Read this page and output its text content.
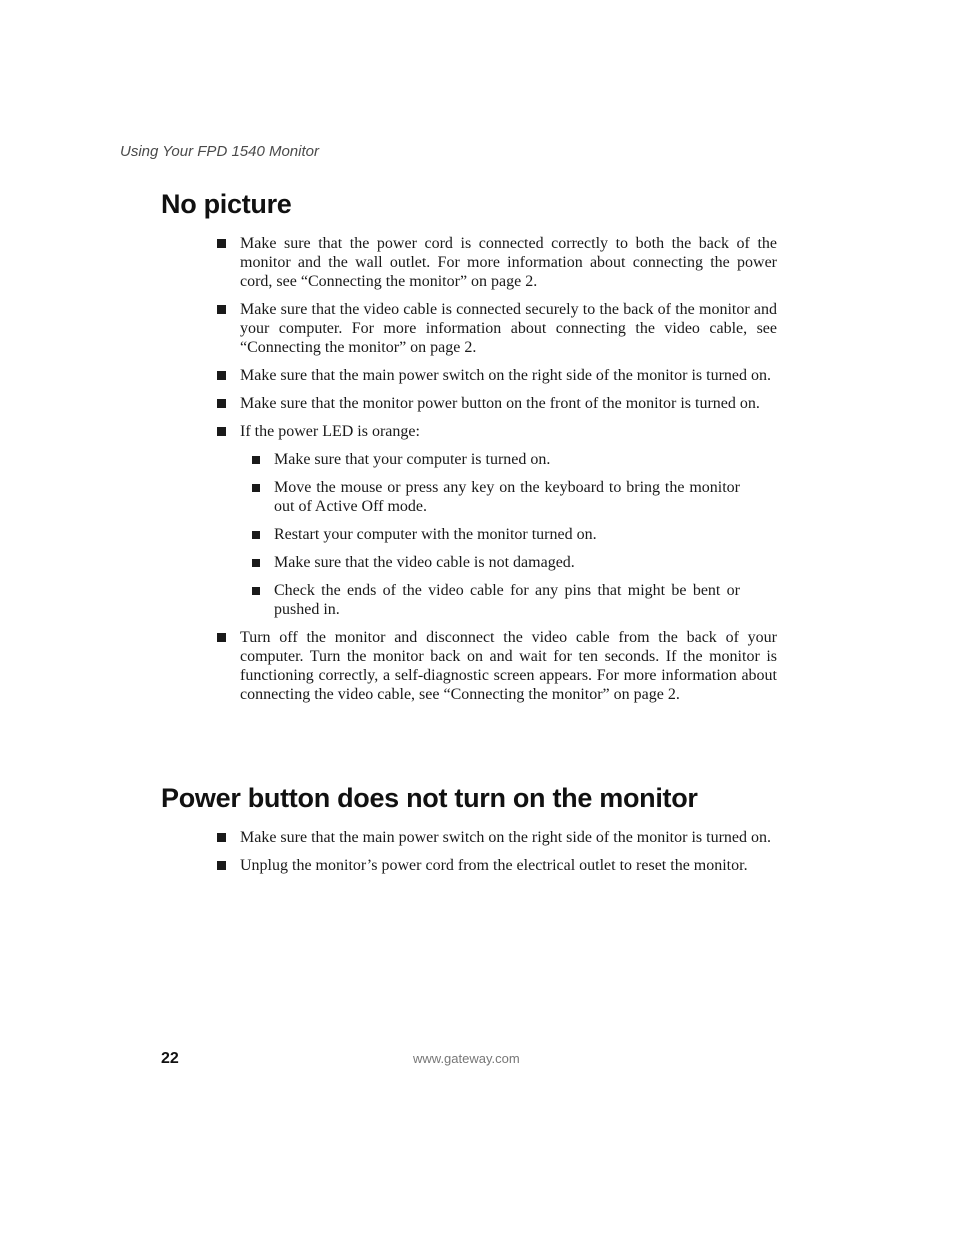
Using Your FPD 1540 Monitor
No picture
Make sure that the power cord is connected correctly to both the back of the monitor and the wall outlet. For more information about connecting the power cord, see “Connecting the monitor” on page 2.
Make sure that the video cable is connected securely to the back of the monitor and your computer. For more information about connecting the video cable, see “Connecting the monitor” on page 2.
Make sure that the main power switch on the right side of the monitor is turned on.
Make sure that the monitor power button on the front of the monitor is turned on.
If the power LED is orange:
Make sure that your computer is turned on.
Move the mouse or press any key on the keyboard to bring the monitor out of Active Off mode.
Restart your computer with the monitor turned on.
Make sure that the video cable is not damaged.
Check the ends of the video cable for any pins that might be bent or pushed in.
Turn off the monitor and disconnect the video cable from the back of your computer. Turn the monitor back on and wait for ten seconds. If the monitor is functioning correctly, a self-diagnostic screen appears. For more information about connecting the video cable, see “Connecting the monitor” on page 2.
Power button does not turn on the monitor
Make sure that the main power switch on the right side of the monitor is turned on.
Unplug the monitor’s power cord from the electrical outlet to reset the monitor.
22	www.gateway.com
